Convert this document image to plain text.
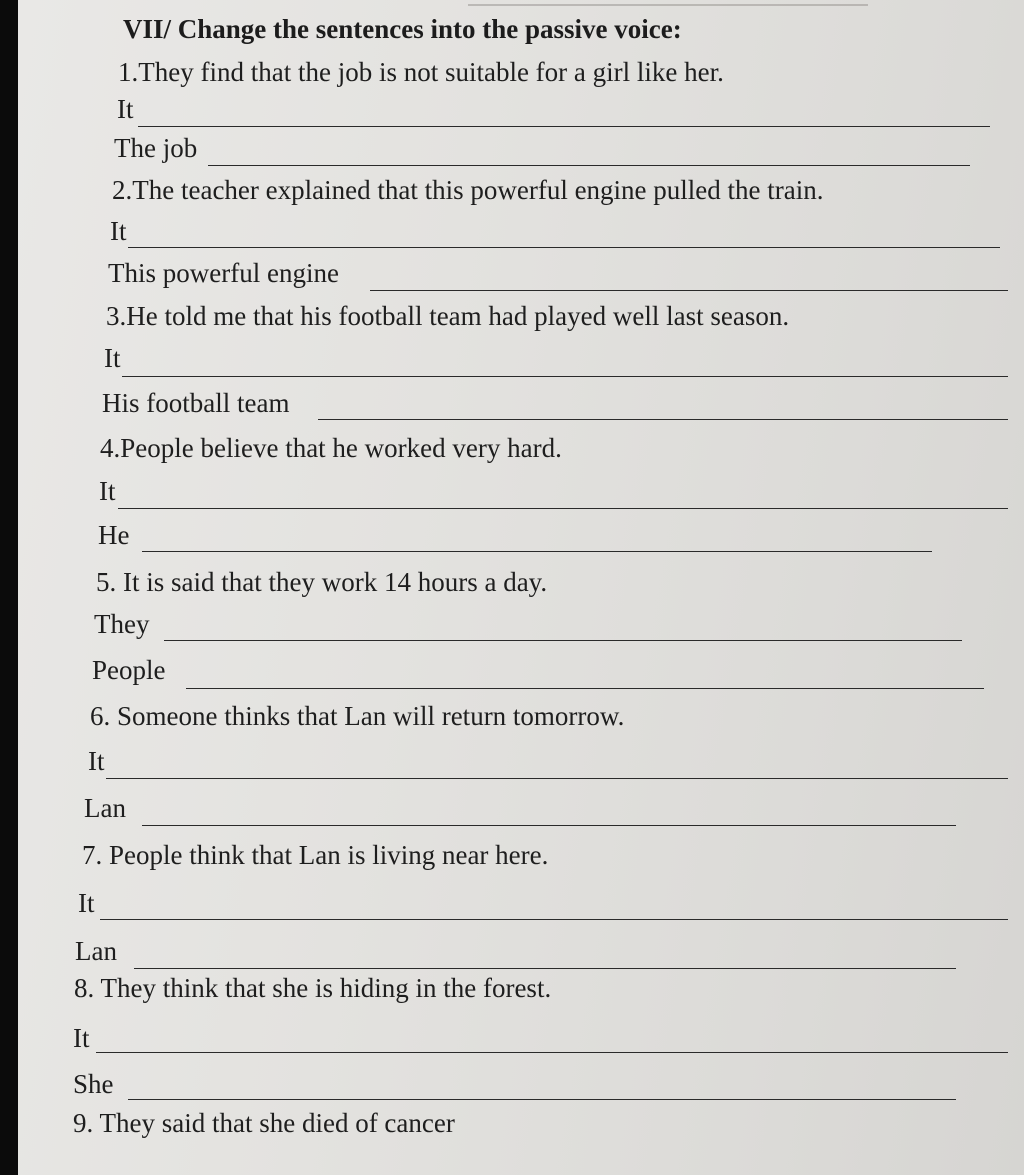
VII/ Change the sentences into the passive voice:
1.They find that the job is not suitable for a girl like her.
It
The job
2.The teacher explained that this powerful engine pulled the train.
It
This powerful engine
3.He told me that his football team had played well last season.
It
His football team
4.People believe that he worked very hard.
It
He
5. It is said that they work 14 hours a day.
They
People
6. Someone thinks that Lan will return tomorrow.
It
Lan
7. People think that Lan is living near here.
It
Lan
8. They think that she is hiding in the forest.
It
She
9. They said that she died of cancer
